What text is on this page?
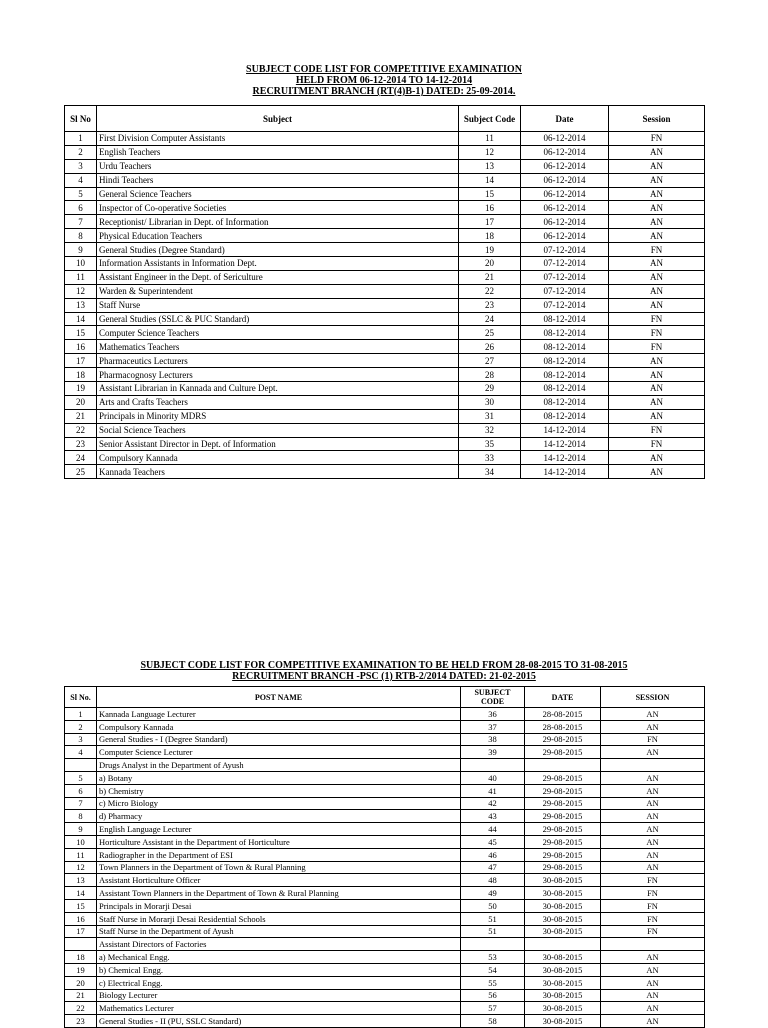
SUBJECT CODE LIST FOR COMPETITIVE EXAMINATION
HELD FROM 06-12-2014 TO 14-12-2014
RECRUITMENT BRANCH (RT(4)B-1) DATED: 25-09-2014.
Sl No	Subject	Subject Code	Date	Session
1	First Division Computer Assistants	11	06-12-2014	FN
2	English Teachers	12	06-12-2014	AN
3	Urdu Teachers	13	06-12-2014	AN
4	Hindi Teachers	14	06-12-2014	AN
5	General Science Teachers	15	06-12-2014	AN
6	Inspector of Co-operative Societies	16	06-12-2014	AN
7	Receptionist/ Librarian in Dept. of Information	17	06-12-2014	AN
8	Physical Education Teachers	18	06-12-2014	AN
9	General Studies (Degree Standard)	19	07-12-2014	FN
10	Information Assistants in Information Dept.	20	07-12-2014	AN
11	Assistant Engineer in the Dept. of Sericulture	21	07-12-2014	AN
12	Warden & Superintendent	22	07-12-2014	AN
13	Staff Nurse	23	07-12-2014	AN
14	General Studies (SSLC & PUC Standard)	24	08-12-2014	FN
15	Computer Science Teachers	25	08-12-2014	FN
16	Mathematics Teachers	26	08-12-2014	FN
17	Pharmaceutics Lecturers	27	08-12-2014	AN
18	Pharmacognosy Lecturers	28	08-12-2014	AN
19	Assistant Librarian in Kannada and Culture Dept.	29	08-12-2014	AN
20	Arts and Crafts Teachers	30	08-12-2014	AN
21	Principals in Minority MDRS	31	08-12-2014	AN
22	Social Science Teachers	32	14-12-2014	FN
23	Senior Assistant Director in Dept. of Information	35	14-12-2014	FN
24	Compulsory Kannada	33	14-12-2014	AN
25	Kannada Teachers	34	14-12-2014	AN
SUBJECT CODE LIST FOR COMPETITIVE EXAMINATION TO BE HELD FROM 28-08-2015 TO 31-08-2015
RECRUITMENT BRANCH -PSC (1) RTB-2/2014 DATED: 21-02-2015
Sl No.	POST NAME	SUBJECT CODE	DATE	SESSION
1	Kannada Language Lecturer	36	28-08-2015	AN
2	Compulsory Kannada	37	28-08-2015	AN
3	General Studies - I (Degree Standard)	38	29-08-2015	FN
4	Computer Science Lecturer	39	29-08-2015	AN
	Drugs Analyst in the Department of Ayush			
5	a) Botany	40	29-08-2015	AN
6	b) Chemistry	41	29-08-2015	AN
7	c) Micro Biology	42	29-08-2015	AN
8	d) Pharmacy	43	29-08-2015	AN
9	English Language Lecturer	44	29-08-2015	AN
10	Horticulture Assistant in the Department of Horticulture	45	29-08-2015	AN
11	Radiographer in the Department of ESI	46	29-08-2015	AN
12	Town Planners in the Department of Town & Rural Planning	47	29-08-2015	AN
13	Assistant Horticulture Officer	48	30-08-2015	FN
14	Assistant Town Planners in the Department of Town & Rural Planning	49	30-08-2015	FN
15	Principals in Morarji Desai	50	30-08-2015	FN
16	Staff Nurse in Morarji Desai Residential Schools	51	30-08-2015	FN
17	Staff Nurse in the Department of Ayush	51	30-08-2015	FN
	Assistant Directors of Factories			
18	a) Mechanical Engg.	53	30-08-2015	AN
19	b) Chemical Engg.	54	30-08-2015	AN
20	c) Electrical Engg.	55	30-08-2015	AN
21	Biology Lecturer	56	30-08-2015	AN
22	Mathematics Lecturer	57	30-08-2015	AN
23	General Studies - II (PU, SSLC Standard)	58	30-08-2015	AN
